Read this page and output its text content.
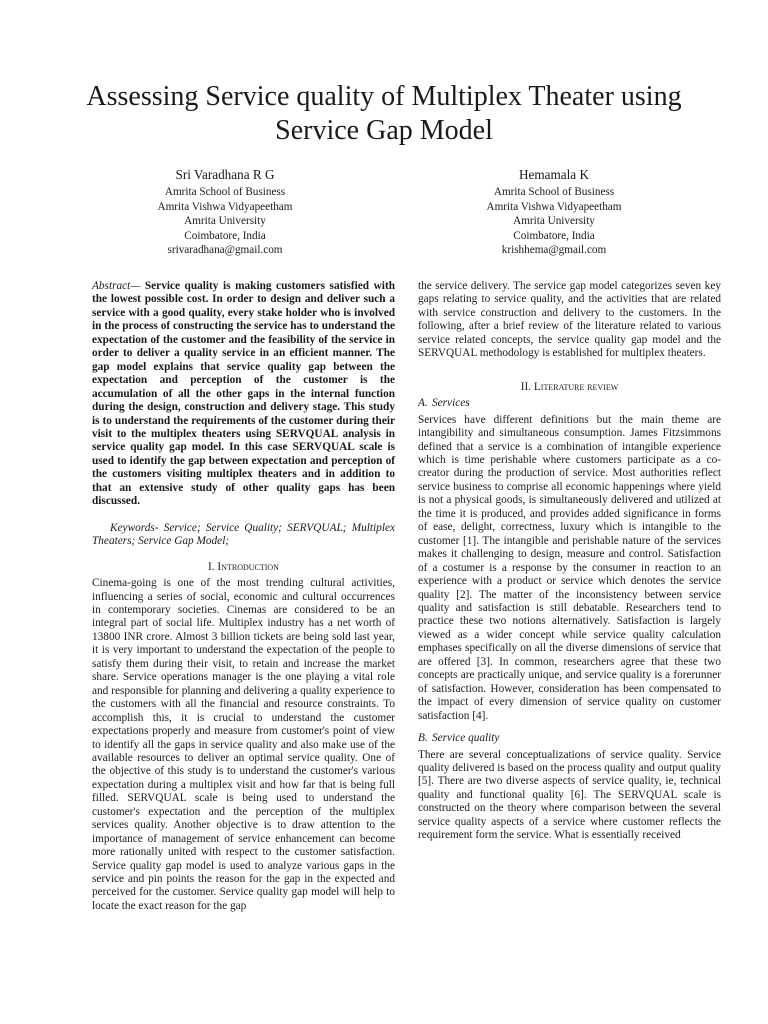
Assessing Service quality of Multiplex Theater using
Service Gap Model
Sri Varadhana R G
Amrita School of Business
Amrita Vishwa Vidyapeetham
Amrita University
Coimbatore, India
srivaradhana@gmail.com
Hemamala K
Amrita School of Business
Amrita Vishwa Vidyapeetham
Amrita University
Coimbatore, India
krishhema@gmail.com

Abstract— Service quality is making customers satisfied with the lowest possible cost. In order to design and deliver such a service with a good quality, every stake holder who is involved in the process of constructing the service has to understand the expectation of the customer and the feasibility of the service in order to deliver a quality service in an efficient manner. The gap model explains that service quality gap between the expectation and perception of the customer is the accumulation of all the other gaps in the internal function during the design, construction and delivery stage. This study is to understand the requirements of the customer during their visit to the multiplex theaters using SERVQUAL analysis in service quality gap model. In this case SERVQUAL scale is used to identify the gap between expectation and perception of the customers visiting multiplex theaters and in addition to that an extensive study of other quality gaps has been discussed.

Keywords- Service; Service Quality; SERVQUAL; Multiplex Theaters; Service Gap Model;

I. Introduction

Cinema-going is one of the most trending cultural activities, influencing a series of social, economic and cultural occurrences in contemporary societies. Cinemas are considered to be an integral part of social life. Multiplex industry has a net worth of 13800 INR crore. Almost 3 billion tickets are being sold last year, it is very important to understand the expectation of the people to satisfy them during their visit, to retain and increase the market share. Service operations manager is the one playing a vital role and responsible for planning and delivering a quality experience to the customers with all the financial and resource constraints. To accomplish this, it is crucial to understand the customer expectations properly and measure from customer's point of view to identify all the gaps in service quality and also make use of the available resources to deliver an optimal service quality. One of the objective of this study is to understand the customer's various expectation during a multiplex visit and how far that is being full filled. SERVQUAL scale is being used to understand the customer's expectation and the perception of the multiplex services quality. Another objective is to draw attention to the importance of management of service enhancement can become more rationally united with respect to the customer satisfaction. Service quality gap model is used to analyze various gaps in the service and pin points the reason for the gap in the expected and perceived for the customer. Service quality gap model will help to locate the exact reason for the gap

the service delivery. The service gap model categorizes seven key gaps relating to service quality, and the activities that are related with service construction and delivery to the customers. In the following, after a brief review of the literature related to various service related concepts, the service quality gap model and the SERVQUAL methodology is established for multiplex theaters.

II. Literature review
A. Services

Services have different definitions but the main theme are intangibility and simultaneous consumption. James Fitzsimmons defined that a service is a combination of intangible experience which is time perishable where customers participate as a co-creator during the production of service. Most authorities reflect service business to comprise all economic happenings where yield is not a physical goods, is simultaneously delivered and utilized at the time it is produced, and provides added significance in forms of ease, delight, correctness, luxury which is intangible to the customer [1]. The intangible and perishable nature of the services makes it challenging to design, measure and control. Satisfaction of a costumer is a response by the consumer in reaction to an experience with a product or service which denotes the service quality [2]. The matter of the inconsistency between service quality and satisfaction is still debatable. Researchers tend to practice these two notions alternatively. Satisfaction is largely viewed as a wider concept while service quality calculation emphases specifically on all the diverse dimensions of service that are offered [3]. In common, researchers agree that these two concepts are practically unique, and service quality is a forerunner of satisfaction. However, consideration has been compensated to the impact of every dimension of service quality on customer satisfaction [4].

B. Service quality

There are several conceptualizations of service quality. Service quality delivered is based on the process quality and output quality [5]. There are two diverse aspects of service quality, ie, technical quality and functional quality [6]. The SERVQUAL scale is constructed on the theory where comparison between the several service quality aspects of a service where customer reflects the requirement form the service. What is essentially received
